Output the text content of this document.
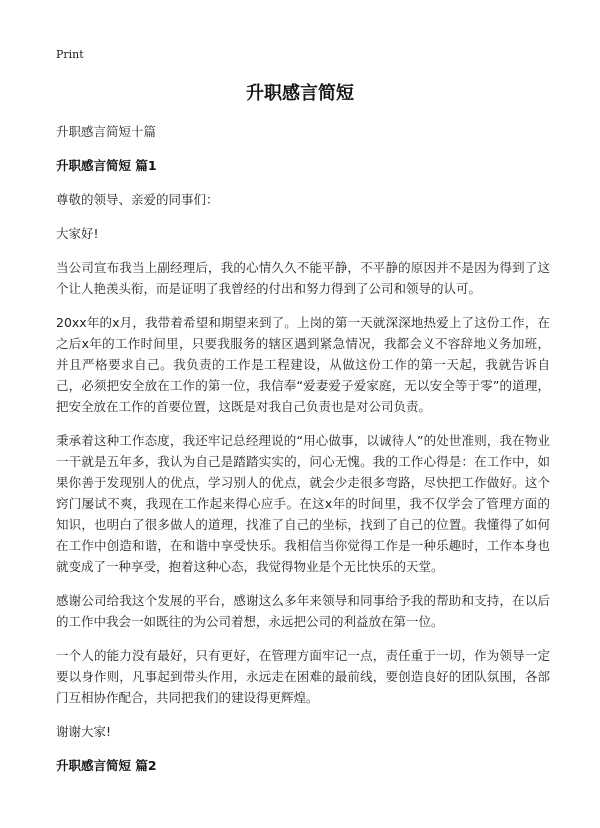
Print
升职感言简短

升职感言简短十篇

升职感言简短 篇1

尊敬的领导、亲爱的同事们：

大家好!

当公司宣布我当上副经理后，我的心情久久不能平静，不平静的原因并不是因为得到了这个让人艳羡头衔，而是证明了我曾经的付出和努力得到了公司和领导的认可。

20xx年的x月，我带着希望和期望来到了。上岗的第一天就深深地热爱上了这份工作，在之后x年的工作时间里，只要我服务的辖区遇到紧急情况，我都会义不容辞地义务加班，并且严格要求自己。我负责的工作是工程建设，从做这份工作的第一天起，我就告诉自己，必须把安全放在工作的第一位，我信奉“爱妻爱子爱家庭，无以安全等于零”的道理，把安全放在工作的首要位置，这既是对我自己负责也是对公司负责。

秉承着这种工作态度，我还牢记总经理说的“用心做事，以诚待人”的处世准则，我在物业一干就是五年多，我认为自己是踏踏实实的，问心无愧。我的工作心得是：在工作中，如果你善于发现别人的优点，学习别人的优点，就会少走很多弯路，尽快把工作做好。这个窍门屡试不爽，我现在工作起来得心应手。在这x年的时间里，我不仅学会了管理方面的知识，也明白了很多做人的道理，找准了自己的坐标，找到了自己的位置。我懂得了如何在工作中创造和谐，在和谐中享受快乐。我相信当你觉得工作是一种乐趣时，工作本身也就变成了一种享受，抱着这种心态，我觉得物业是个无比快乐的天堂。

感谢公司给我这个发展的平台，感谢这么多年来领导和同事给予我的帮助和支持，在以后的工作中我会一如既往的为公司着想，永远把公司的利益放在第一位。

一个人的能力没有最好，只有更好，在管理方面牢记一点，责任重于一切，作为领导一定要以身作则，凡事起到带头作用，永远走在困难的最前线，要创造良好的团队氛围，各部门互相协作配合，共同把我们的建设得更辉煌。

谢谢大家!

升职感言简短 篇2
